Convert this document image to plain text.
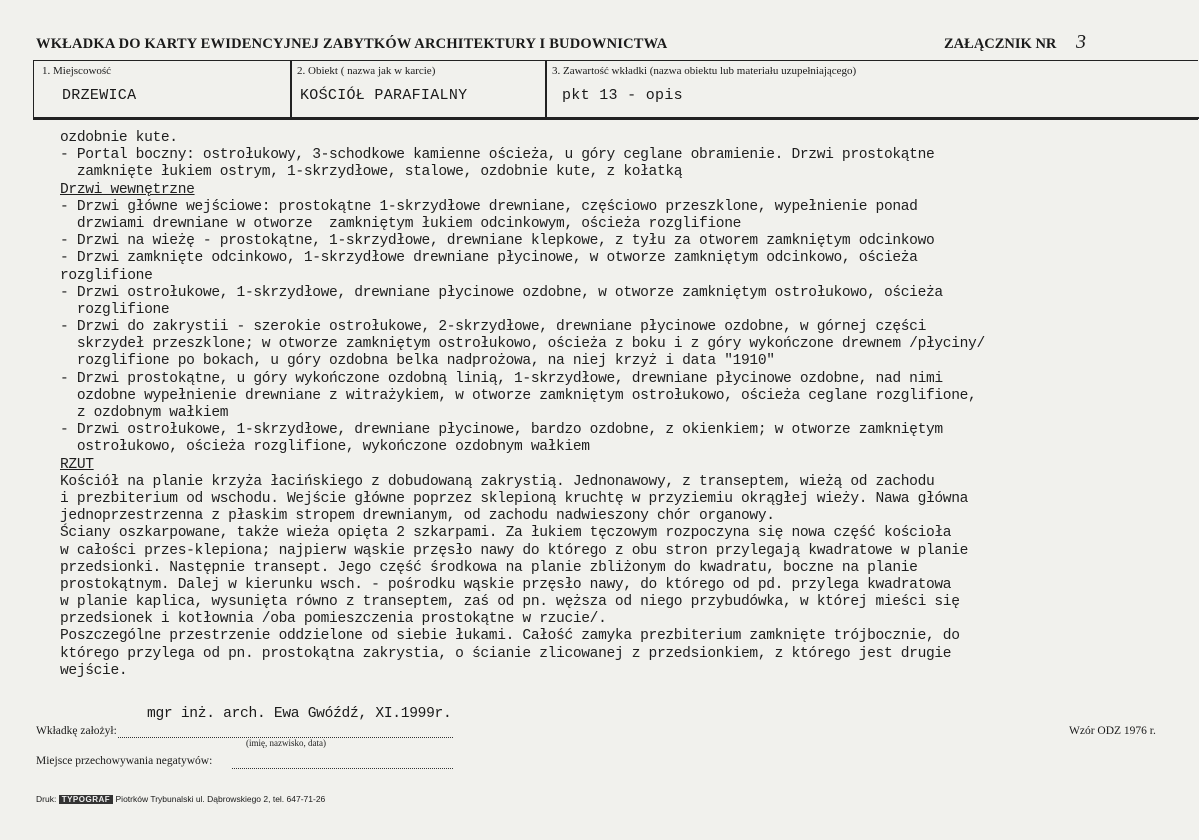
WKŁADKA DO KARTY EWIDENCYJNEJ ZABYTKÓW ARCHITEKTURY I BUDOWNICTWA	ZAŁĄCZNIK NR 3
1. Miejscowość
DRZEWICA
2. Obiekt ( nazwa jak w karcie)
KOŚCIÓŁ PARAFIALNY
3. Zawartość wkładki (nazwa obiektu lub materiału uzupełniającego)
pkt 13 - opis
ozdobnie kute.
- Portal boczny: ostrołukowy, 3-schodkowe kamienne ościeża, u góry ceglane obramienie. Drzwi prostokątne
zamknięte łukiem ostrym, 1-skrzydłowe, stalowe, ozdobnie kute, z kołatką
Drzwi wewnętrzne
- Drzwi główne wejściowe: prostokątne 1-skrzydłowe drewniane, częściowo przeszklone, wypełnienie ponad
drzwiami drewniane w otworze  zamkniętym łukiem odcinkowym, ościeża rozglifione
- Drzwi na wieżę - prostokątne, 1-skrzydłowe, drewniane klepkowe, z tyłu za otworem zamkniętym odcinkowo
- Drzwi zamknięte odcinkowo, 1-skrzydłowe drewniane płycinowe, w otworze zamkniętym odcinkowo, ościeża
rozglifione
- Drzwi ostrołukowe, 1-skrzydłowe, drewniane płycinowe ozdobne, w otworze zamkniętym ostrołukowo, ościeża
rozglifione
- Drzwi do zakrystii - szerokie ostrołukowe, 2-skrzydłowe, drewniane płycinowe ozdobne, w górnej części
skrzydeł przeszklone; w otworze zamkniętym ostrołukowo, ościeża z boku i z góry wykończone drewnem /płyciny/
rozglifione po bokach, u góry ozdobna belka nadprożowa, na niej krzyż i data "1910"
- Drzwi prostokątne, u góry wykończone ozdobną linią, 1-skrzydłowe, drewniane płycinowe ozdobne, nad nimi
ozdobne wypełnienie drewniane z witrażykiem, w otworze zamkniętym ostrołukowo, ościeża ceglane rozglifione,
z ozdobnym wałkiem
- Drzwi ostrołukowe, 1-skrzydłowe, drewniane płycinowe, bardzo ozdobne, z okienkiem; w otworze zamkniętym
ostrołukowo, ościeża rozglifione, wykończone ozdobnym wałkiem
RZUT
Kościół na planie krzyża łacińskiego z dobudowaną zakrystią. Jednonawowy, z transeptem, wieżą od zachodu
i prezbiterium od wschodu. Wejście główne poprzez sklepioną kruchtę w przyziemiu okrągłej wieży. Nawa główna
jednoprzestrzenna z płaskim stropem drewnianym, od zachodu nadwieszony chór organowy.
Ściany oszkarpowane, także wieża opięta 2 szkarpami. Za łukiem tęczowym rozpoczyna się nowa część kościoła
w całości przes-klepiona; najpierw wąskie przęsło nawy do którego z obu stron przylegają kwadratowe w planie
przedsionki. Następnie transept. Jego część środkowa na planie zbliżonym do kwadratu, boczne na planie
prostokątnym. Dalej w kierunku wsch. - pośrodku wąskie przęsło nawy, do którego od pd. przylega kwadratowa
w planie kaplica, wysunięta równo z transeptem, zaś od pn. węższa od niego przybudówka, w której mieści się
przedsionek i kotłownia /oba pomieszczenia prostokątne w rzucie/.
Poszczególne przestrzenie oddzielone od siebie łukami. Całość zamyka prezbiterium zamknięte trójbocznie, do
którego przylega od pn. prostokątna zakrystia, o ścianie zlicowanej z przedsionkiem, z którego jest drugie
wejście.
Wkładkę założył:
mgr inż. arch. Ewa Gwóźdź, XI.1999r.
(imię, nazwisko, data)
Miejsce przechowywania negatywów:
Wzór ODZ 1976 r.
Druk: TYPOGRAF Piotrków Trybunalski ul. Dąbrowskiego 2, tel. 647-71-26
